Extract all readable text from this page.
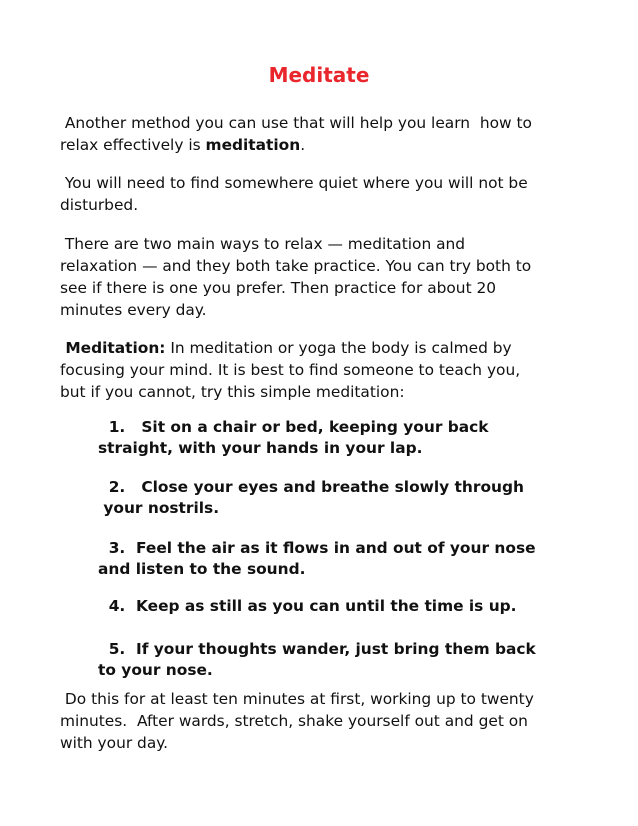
Meditate

Another method you can use that will help you learn  how to
relax effectively is meditation.

You will need to find somewhere quiet where you will not be
disturbed.

There are two main ways to relax — meditation and
relaxation — and they both take practice. You can try both to
see if there is one you prefer. Then practice for about 20
minutes every day.

Meditation: In meditation or yoga the body is calmed by
focusing your mind. It is best to find someone to teach you,
but if you cannot, try this simple meditation:

1.   Sit on a chair or bed, keeping your back
straight, with your hands in your lap.

2.   Close your eyes and breathe slowly through
your nostrils.

3.  Feel the air as it flows in and out of your nose
and listen to the sound.

4.  Keep as still as you can until the time is up.

5.  If your thoughts wander, just bring them back
to your nose.

Do this for at least ten minutes at first, working up to twenty
minutes.  After wards, stretch, shake yourself out and get on
with your day.
